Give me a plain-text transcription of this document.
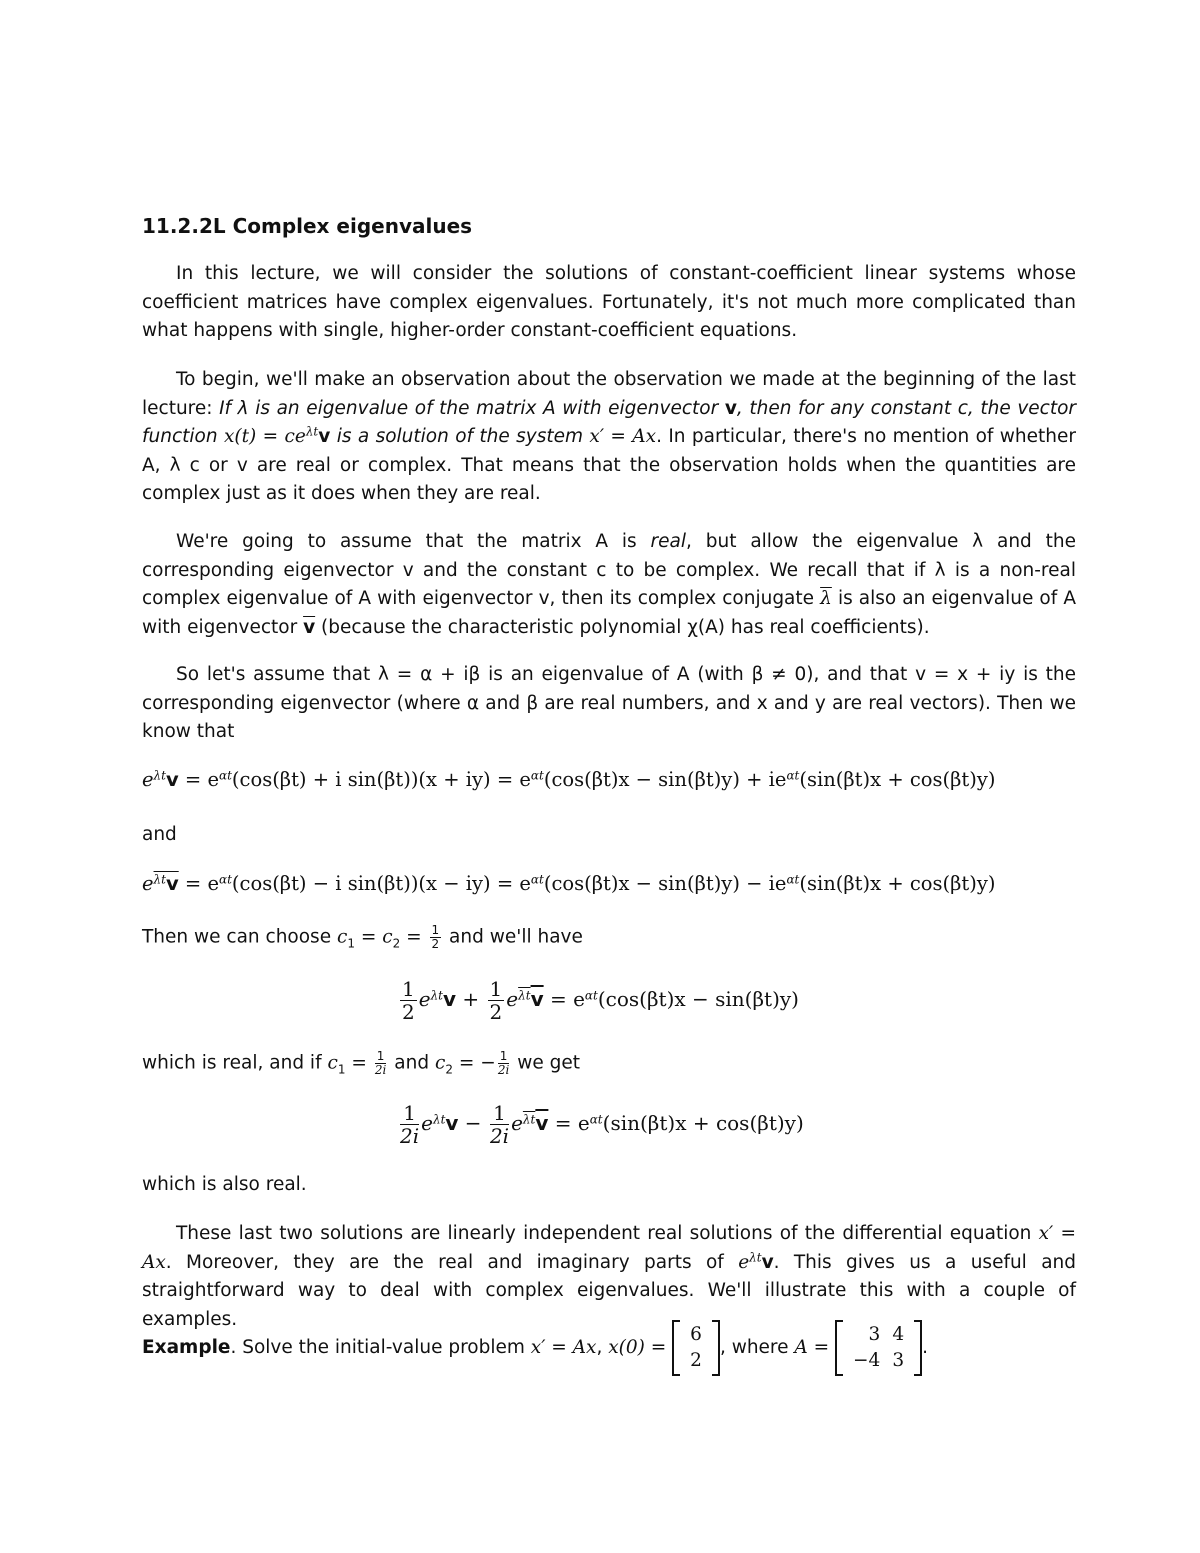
11.2.2L Complex eigenvalues

In this lecture, we will consider the solutions of constant-coefficient linear systems whose coefficient matrices have complex eigenvalues. Fortunately, it's not much more complicated than what happens with single, higher-order constant-coefficient equations.

To begin, we'll make an observation about the observation we made at the beginning of the last lecture: If λ is an eigenvalue of the matrix A with eigenvector v, then for any constant c, the vector function $x(t) = ce^{\lambda t}v$ is a solution of the system x′ = Ax. In particular, there's no mention of whether A, λ c or v are real or complex. That means that the observation holds when the quantities are complex just as it does when they are real.

We're going to assume that the matrix A is real, but allow the eigenvalue λ and the corresponding eigenvector v and the constant c to be complex. We recall that if λ is a non-real complex eigenvalue of A with eigenvector v, then its complex conjugate $\overline{\lambda}$ is also an eigenvalue of A with eigenvector $\overline{v}$ (because the characteristic polynomial χ(A) has real coefficients).

So let's assume that λ = α + iβ is an eigenvalue of A (with β ≠ 0), and that v = x + iy is the corresponding eigenvector (where α and β are real numbers, and x and y are real vectors). Then we know that

$e^{\lambda t}v = e^{\alpha t}(\cos(\beta t) + i$ $\sin(\beta t))(x + iy) = e^{\alpha t}(\cos(\beta t)x - \sin(\beta t)y) + ie^{\alpha t}(\sin(\beta t)x + \cos(\beta t)y)$
and
$e^{\overline{\lambda t}}\overline{v} = e^{\alpha t}(\cos(\beta t) - i$ $\sin(\beta t))(x - iy) = e^{\alpha t}(\cos(\beta t)x - \sin(\beta t)y) - ie^{\alpha t}(\sin(\beta t)x + \cos(\beta t)y)$
Then we can choose $c_1 = c_2 = \frac{1}{2}$ and we'll have
$\frac{1}{2} e^{\lambda t}v + \frac{1}{2} e^{\overline{\lambda t}}\overline{v} = e^{\alpha t}(\cos(\beta t)x - \sin(\beta t)y)$
which is real, and if $c_1 = \frac{1}{2i}$ and $c_2$ = − $\frac{1}{2i}$ we get
$\frac{1}{2i} e^{\lambda t}v - \frac{1}{2i} e^{\overline{\lambda t}}\overline{v} = e^{\alpha t}(\sin(\beta t)x + \cos(\beta t)y)$
which is also real.

These last two solutions are linearly independent real solutions of the differential equation x′ = Ax. Moreover, they are the real and imaginary parts of $e^{\lambda t}v$. This gives us a useful and straightforward way to deal with complex eigenvalues. We'll illustrate this with a couple of examples.

Example. Solve the initial-value problem x′ = Ax, x(0) =
6
2
, where A =
3	4
−4	3
.
